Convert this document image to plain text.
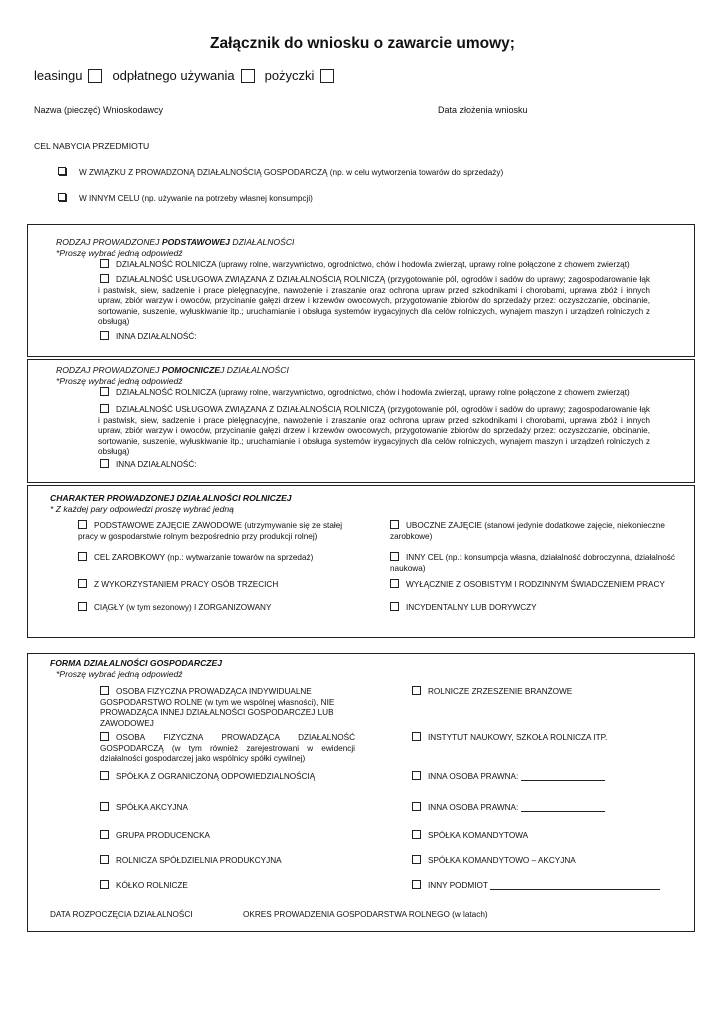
Załącznik do wniosku o zawarcie umowy;
leasingu odpłatnego używania pożyczki
Nazwa (pieczęć) Wnioskodawcy	Data złożenia wniosku
CEL NABYCIA PRZEDMIOTU
W ZWIĄZKU Z PROWADZONĄ DZIAŁALNOŚCIĄ GOSPODARCZĄ (np. w celu wytworzenia towarów do sprzedaży)
W INNYM CELU (np. używanie na potrzeby własnej konsumpcji)
RODZAJ PROWADZONEJ PODSTAWOWEJ DZIAŁALNOŚCI
*Proszę wybrać jedną odpowiedź
DZIAŁALNOŚĆ ROLNICZA (uprawy rolne, warzywnictwo, ogrodnictwo, chów i hodowla zwierząt, uprawy rolne połączone z chowem zwierząt)
DZIAŁALNOŚĆ USŁUGOWA ZWIĄZANA Z DZIAŁALNOŚCIĄ ROLNICZĄ (przygotowanie pól, ogrodów i sadów do uprawy; zagospodarowanie łąk i pastwisk, siew, sadzenie i prace pielęgnacyjne, nawożenie i zraszanie oraz ochrona upraw przed szkodnikami i chorobami, uprawa zbóż i innych upraw, zbiór warzyw i owoców, przycinanie gałęzi drzew i krzewów owocowych, przygotowanie zbiorów do sprzedaży przez: oczyszczanie, obcinanie, sortowanie, suszenie, wyłuskiwanie itp.; uruchamianie i obsługa systemów irygacyjnych dla celów rolniczych, wynajem maszyn i urządzeń rolniczych z obsługą)
INNA DZIAŁALNOŚĆ:
RODZAJ PROWADZONEJ POMOCNICZEJ DZIAŁALNOŚCI
*Proszę wybrać jedną odpowiedź
DZIAŁALNOŚĆ ROLNICZA (uprawy rolne, warzywnictwo, ogrodnictwo, chów i hodowla zwierząt, uprawy rolne połączone z chowem zwierząt)
DZIAŁALNOŚĆ USŁUGOWA ZWIĄZANA Z DZIAŁALNOŚCIĄ ROLNICZĄ (przygotowanie pól, ogrodów i sadów do uprawy; zagospodarowanie łąk i pastwisk, siew, sadzenie i prace pielęgnacyjne, nawożenie i zraszanie oraz ochrona upraw przed szkodnikami i chorobami, uprawa zbóż i innych upraw, zbiór warzyw i owoców, przycinanie gałęzi drzew i krzewów owocowych, przygotowanie zbiorów do sprzedaży przez: oczyszczanie, obcinanie, sortowanie, suszenie, wyłuskiwanie itp.; uruchamianie i obsługa systemów irygacyjnych dla celów rolniczych, wynajem maszyn i urządzeń rolniczych z obsługą)
INNA DZIAŁALNOŚĆ:
CHARAKTER PROWADZONEJ DZIAŁALNOŚCI ROLNICZEJ
* Z każdej pary odpowiedzi proszę wybrać jedną
PODSTAWOWE ZAJĘCIE ZAWODOWE (utrzymywanie się ze stałej pracy w gospodarstwie rolnym bezpośrednio przy produkcji rolnej)
CEL ZAROBKOWY (np.: wytwarzanie towarów na sprzedaż)
Z WYKORZYSTANIEM PRACY OSÓB TRZECICH
CIĄGŁY (w tym sezonowy) I ZORGANIZOWANY
UBOCZNE ZAJĘCIE (stanowi jedynie dodatkowe zajęcie, niekonieczne zarobkowe)
INNY CEL (np.: konsumpcja własna, działalność dobroczynna, działalność naukowa)
WYŁĄCZNIE Z OSOBISTYM I RODZINNYM ŚWIADCZENIEM PRACY
INCYDENTALNY LUB DORYWCZY
FORMA DZIAŁALNOŚCI GOSPODARCZEJ
*Proszę wybrać jedną odpowiedź
OSOBA FIZYCZNA PROWADZĄCA INDYWIDUALNE GOSPODARSTWO ROLNE (w tym we wspólnej własności), NIE PROWADZĄCA INNEJ DZIAŁALNOŚCI GOSPODARCZEJ LUB ZAWODOWEJ
OSOBA FIZYCZNA PROWADZĄCA DZIAŁALNOŚĆ GOSPODARCZĄ (w tym również zarejestrowani w ewidencji działalności gospodarczej jako wspólnicy spółki cywilnej)
SPÓŁKA Z OGRANICZONĄ ODPOWIEDZIALNOŚCIĄ
SPÓŁKA AKCYJNA
GRUPA PRODUCENCKA
ROLNICZA SPÓŁDZIELNIA PRODUKCYJNA
KÓŁKO ROLNICZE
ROLNICZE ZRZESZENIE BRANŻOWE
INSTYTUT NAUKOWY, SZKOŁA ROLNICZA ITP.
INNA OSOBA PRAWNA:
INNA OSOBA PRAWNA:
SPÓŁKA KOMANDYTOWA
SPÓŁKA KOMANDYTOWO – AKCYJNA
INNY PODMIOT
DATA ROZPOCZĘCIA DZIAŁALNOŚCI	OKRES PROWADZENIA GOSPODARSTWA ROLNEGO (w latach)
